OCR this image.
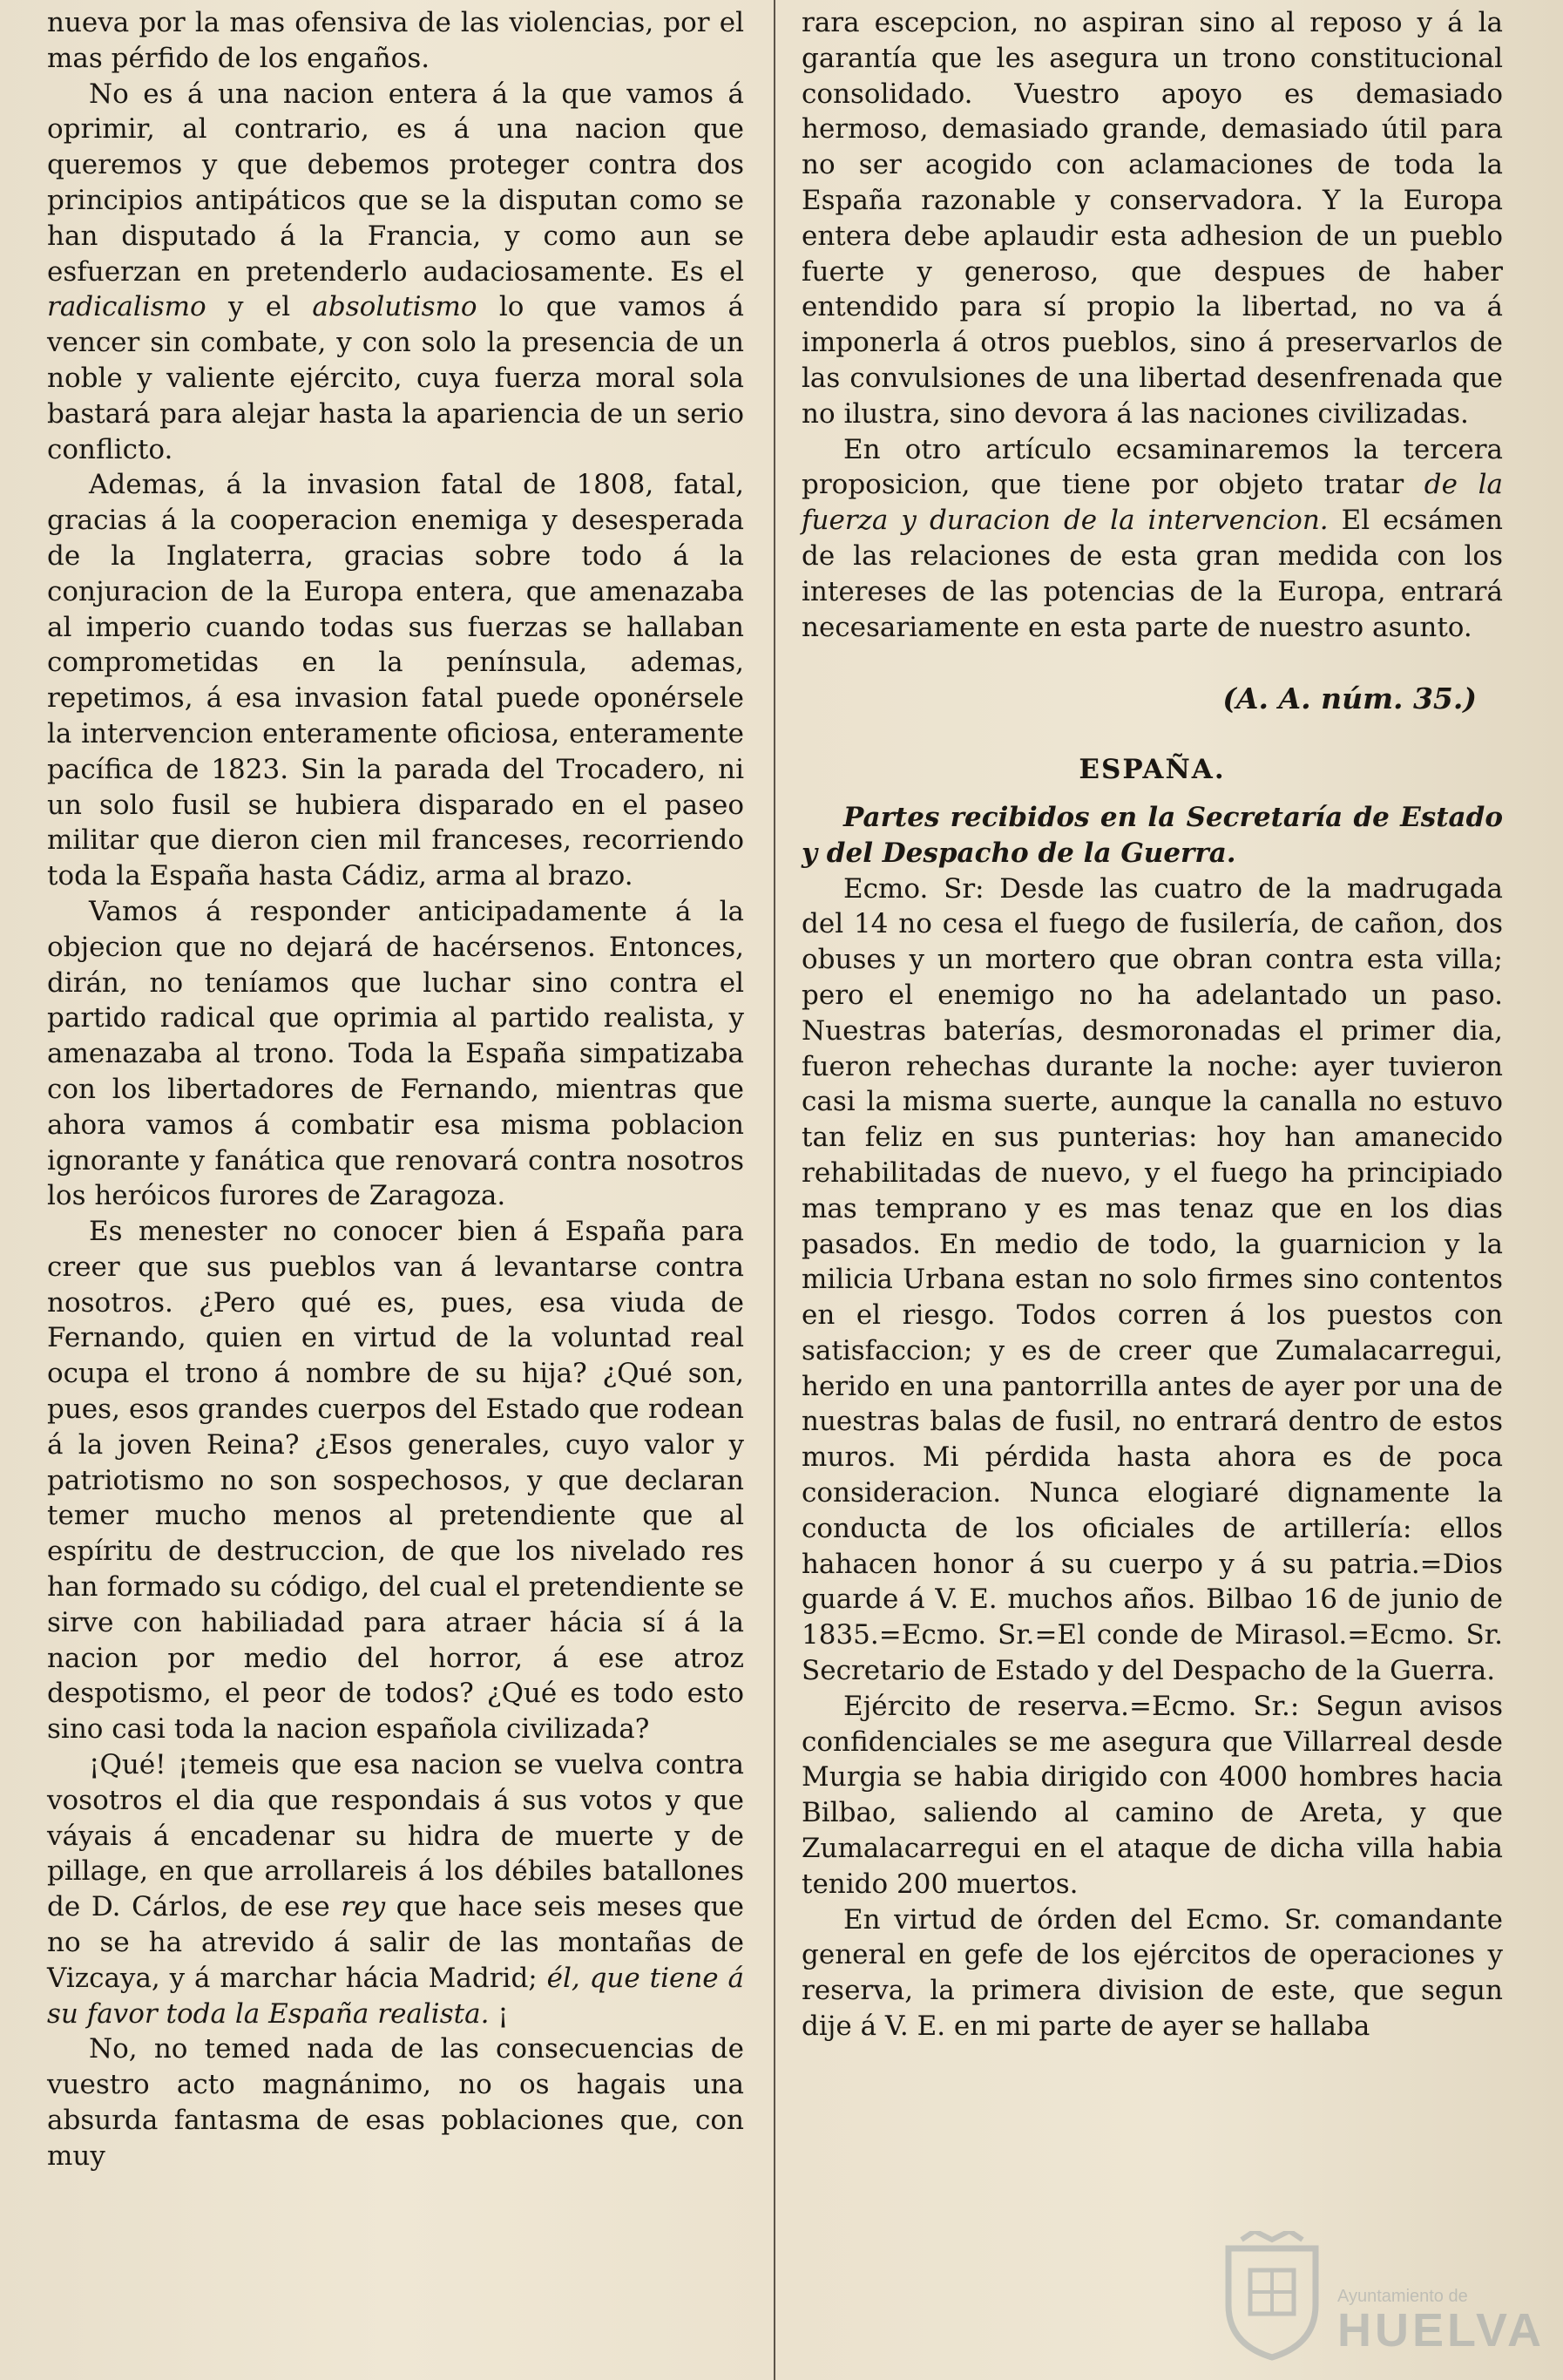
nueva por la mas ofensiva de las violencias, por el mas pérfido de los engaños.

No es á una nacion entera á la que vamos á oprimir, al contrario, es á una nacion que queremos y que debemos proteger contra dos principios antipáticos que se la disputan como se han disputado á la Francia, y como aun se esfuerzan en pretenderlo audaciosamente. Es el radicalismo y el absolutismo lo que vamos á vencer sin combate, y con solo la presencia de un noble y valiente ejército, cuya fuerza moral sola bastará para alejar hasta la apariencia de un serio conflicto.

Ademas, á la invasion fatal de 1808, fatal, gracias á la cooperacion enemiga y desesperada de la Inglaterra, gracias sobre todo á la conjuracion de la Europa entera, que amenazaba al imperio cuando todas sus fuerzas se hallaban comprometidas en la península, ademas, repetimos, á esa invasion fatal puede oponérsele la intervencion enteramente oficiosa, enteramente pacífica de 1823. Sin la parada del Trocadero, ni un solo fusil se hubiera disparado en el paseo militar que dieron cien mil franceses, recorriendo toda la España hasta Cádiz, arma al brazo.

Vamos á responder anticipadamente á la objecion que no dejará de hacérsenos. Entonces, dirán, no teníamos que luchar sino contra el partido radical que oprimia al partido realista, y amenazaba al trono. Toda la España simpatizaba con los libertadores de Fernando, mientras que ahora vamos á combatir esa misma poblacion ignorante y fanática que renovará contra nosotros los heróicos furores de Zaragoza.

Es menester no conocer bien á España para creer que sus pueblos van á levantarse contra nosotros. ¿Pero qué es, pues, esa viuda de Fernando, quien en virtud de la voluntad real ocupa el trono á nombre de su hija? ¿Qué son, pues, esos grandes cuerpos del Estado que rodean á la joven Reina? ¿Esos generales, cuyo valor y patriotismo no son sospechosos, y que declaran temer mucho menos al pretendiente que al espíritu de destruccion, de que los nivelado res han formado su código, del cual el pretendiente se sirve con habiliadad para atraer hácia sí á la nacion por medio del horror, á ese atroz despotismo, el peor de todos? ¿Qué es todo esto sino casi toda la nacion española civilizada?

¡Qué! ¡temeis que esa nacion se vuelva contra vosotros el dia que respondais á sus votos y que váyais á encadenar su hidra de muerte y de pillage, en que arrollareis á los débiles batallones de D. Cárlos, de ese rey que hace seis meses que no se ha atrevido á salir de las montañas de Vizcaya, y á marchar hácia Madrid; él, que tiene á su favor toda la España realista. ¡

No, no temed nada de las consecuencias de vuestro acto magnánimo, no os hagais una absurda fantasma de esas poblaciones que, con muy

rara escepcion, no aspiran sino al reposo y á la garantía que les asegura un trono constitucional consolidado. Vuestro apoyo es demasiado hermoso, demasiado grande, demasiado útil para no ser acogido con aclamaciones de toda la España razonable y conservadora. Y la Europa entera debe aplaudir esta adhesion de un pueblo fuerte y generoso, que despues de haber entendido para sí propio la libertad, no va á imponerla á otros pueblos, sino á preservarlos de las convulsiones de una libertad desenfrenada que no ilustra, sino devora á las naciones civilizadas.

En otro artículo ecsaminaremos la tercera proposicion, que tiene por objeto tratar de la fuerza y duracion de la intervencion. El ecsámen de las relaciones de esta gran medida con los intereses de las potencias de la Europa, entrará necesariamente en esta parte de nuestro asunto.

(A. A. núm. 35.)

ESPAÑA.

Partes recibidos en la Secretaría de Estado y del Despacho de la Guerra.

Ecmo. Sr: Desde las cuatro de la madrugada del 14 no cesa el fuego de fusilería, de cañon, dos obuses y un mortero que obran contra esta villa; pero el enemigo no ha adelantado un paso. Nuestras baterías, desmoronadas el primer dia, fueron rehechas durante la noche: ayer tuvieron casi la misma suerte, aunque la canalla no estuvo tan feliz en sus punterias: hoy han amanecido rehabilitadas de nuevo, y el fuego ha principiado mas temprano y es mas tenaz que en los dias pasados. En medio de todo, la guarnicion y la milicia Urbana estan no solo firmes sino contentos en el riesgo. Todos corren á los puestos con satisfaccion; y es de creer que Zumalacarregui, herido en una pantorrilla antes de ayer por una de nuestras balas de fusil, no entrará dentro de estos muros. Mi pérdida hasta ahora es de poca consideracion. Nunca elogiaré dignamente la conducta de los oficiales de artillería: ellos hahacen honor á su cuerpo y á su patria.=Dios guarde á V. E. muchos años. Bilbao 16 de junio de 1835.=Ecmo. Sr.=El conde de Mirasol.=Ecmo. Sr. Secretario de Estado y del Despacho de la Guerra.

Ejército de reserva.=Ecmo. Sr.: Segun avisos confidenciales se me asegura que Villarreal desde Murgia se habia dirigido con 4000 hombres hacia Bilbao, saliendo al camino de Areta, y que Zumalacarregui en el ataque de dicha villa habia tenido 200 muertos.

En virtud de órden del Ecmo. Sr. comandante general en gefe de los ejércitos de operaciones y reserva, la primera division de este, que segun dije á V. E. en mi parte de ayer se hallaba

Ayuntamiento de
HUELVA
